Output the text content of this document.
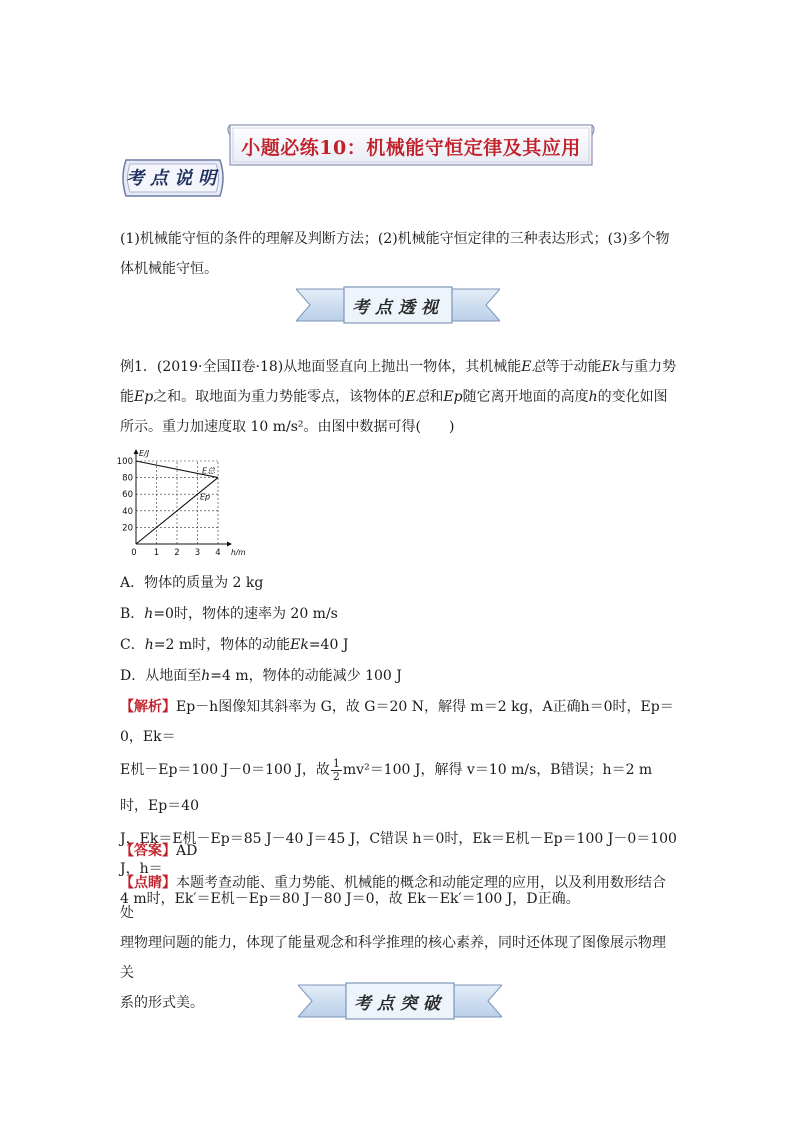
小题必练10：机械能守恒定律及其应用
考点说明

(1)机械能守恒的条件的理解及判断方法；(2)机械能守恒定律的三种表达形式；(3)多个物

体机械能守恒。

考点透视

例1．(2019·全国II卷·18)从地面竖直向上抛出一物体，其机械能E总等于动能Ek与重力势

能Ep之和。取地面为重力势能零点，该物体的E总和Ep随它离开地面的高度h的变化如图

所示。重力加速度取 10 m/s²。由图中数据可得(　　)

0 1 2 3 4
20
40
60
80
100
E/J
h/m
E总
Ep
A．物体的质量为 2 kg
B．h=0时，物体的速率为 20 m/s
C．h=2 m时，物体的动能Ek=40 J
D．从地面至h=4 m，物体的动能减少 100 J

【解析】Ep－h图像知其斜率为 G，故 G＝20 N，解得 m＝2 kg，A正确h＝0时，Ep＝0，Ek＝

E机－Ep＝100 J－0＝100 J，故 $\frac{1}{2} mv^2=100$ J，解得 v＝10 m/s，B错误；h＝2 m时，Ep＝40

J，Ek＝E机－Ep＝85 J－40 J＝45 J，C错误 h＝0时，Ek＝E机－Ep＝100 J－0＝100 J，h＝

4 m时，Ek′＝E机－Ep＝80 J－80 J＝0，故 Ek－Ek′＝100 J，D正确。

【答案】AD

【点睛】本题考查动能、重力势能、机械能的概念和动能定理的应用，以及利用数形结合处

理物理问题的能力，体现了能量观念和科学推理的核心素养，同时还体现了图像展示物理关

系的形式美。	考点突破
